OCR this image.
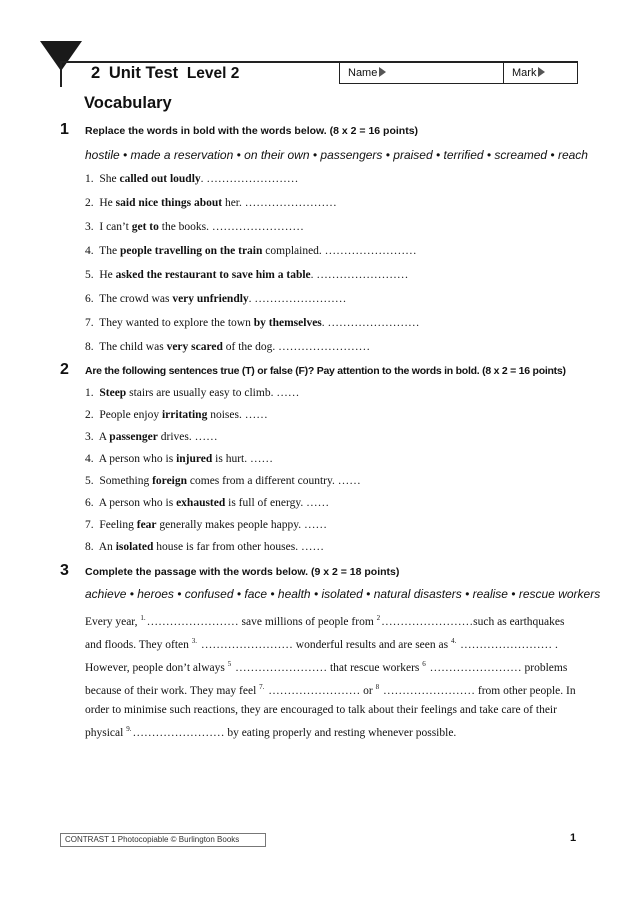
2 Unit Test Level 2	Name	Mark
Vocabulary
1 Replace the words in bold with the words below. (8 x 2 = 16 points)
hostile • made a reservation • on their own • passengers • praised • terrified • screamed • reach
1. She called out loudly. ……………………
2. He said nice things about her. ……………………
3. I can’t get to the books. ……………………
4. The people travelling on the train complained. ……………………
5. He asked the restaurant to save him a table. ……………………
6. The crowd was very unfriendly. ……………………
7. They wanted to explore the town by themselves. ……………………
8. The child was very scared of the dog. ……………………
2 Are the following sentences true (T) or false (F)? Pay attention to the words in bold. (8 x 2 = 16 points)
1. Steep stairs are usually easy to climb. ……
2. People enjoy irritating noises. ……
3. A passenger drives. ……
4. A person who is injured is hurt. ……
5.  Something foreign comes from a different country. ……
6. A person who is exhausted is full of energy. ……
7. Feeling fear generally makes people happy. ……
8. An isolated house is far from other houses. ……
3 Complete the passage with the words below. (9 x 2 = 18 points)
achieve • heroes • confused • face • health • isolated • natural disasters • realise • rescue workers
Every year, $^{1.}$…………………… save millions of people from $^2$……………………such as earthquakes and floods. They often $^{3.}$ …………………… wonderful results and are seen as $^{4.}$ …………………… . However, people don’t always $^5$ …………………… that rescue workers $^6$ …………………… problems because of their work. They may feel $^{7.}$ …………………… or $^8$ …………………… from other people. In order to minimise such reactions, they are encouraged to talk about their feelings and take care of their physical $^{9.}$…………………… by eating properly and resting whenever possible.
CONTRAST 1 Photocopiable © Burlington Books	1
